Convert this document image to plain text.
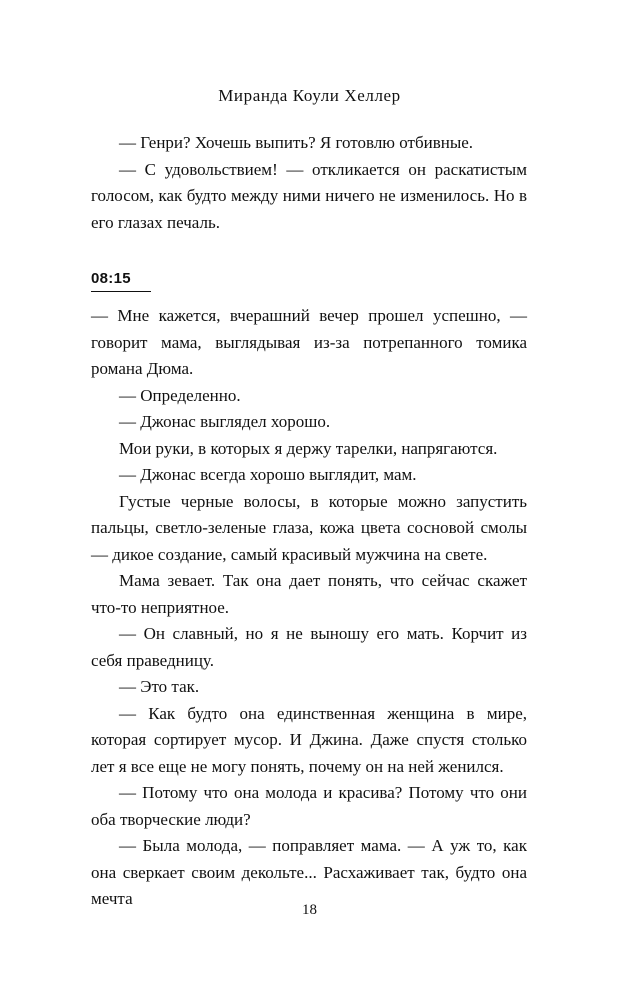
Миранда Коули Хеллер

— Генри? Хочешь выпить? Я готовлю отбивные.

— С удовольствием! — откликается он раскатистым голосом, как будто между ними ничего не изменилось. Но в его глазах печаль.

08:15

— Мне кажется, вчерашний вечер прошел успешно, — говорит мама, выглядывая из-за потрепанного томика романа Дюма.

— Определенно.

— Джонас выглядел хорошо.

Мои руки, в которых я держу тарелки, напрягаются.

— Джонас всегда хорошо выглядит, мам.

Густые черные волосы, в которые можно запустить пальцы, светло-зеленые глаза, кожа цвета сосновой смолы — дикое создание, самый красивый мужчина на свете.

Мама зевает. Так она дает понять, что сейчас скажет что-то неприятное.

— Он славный, но я не выношу его мать. Корчит из себя праведницу.

— Это так.

— Как будто она единственная женщина в мире, которая сортирует мусор. И Джина. Даже спустя столько лет я все еще не могу понять, почему он на ней женился.

— Потому что она молода и красива? Потому что они оба творческие люди?

— Была молода, — поправляет мама. — А уж то, как она сверкает своим декольте... Расхаживает так, будто она мечта

18
